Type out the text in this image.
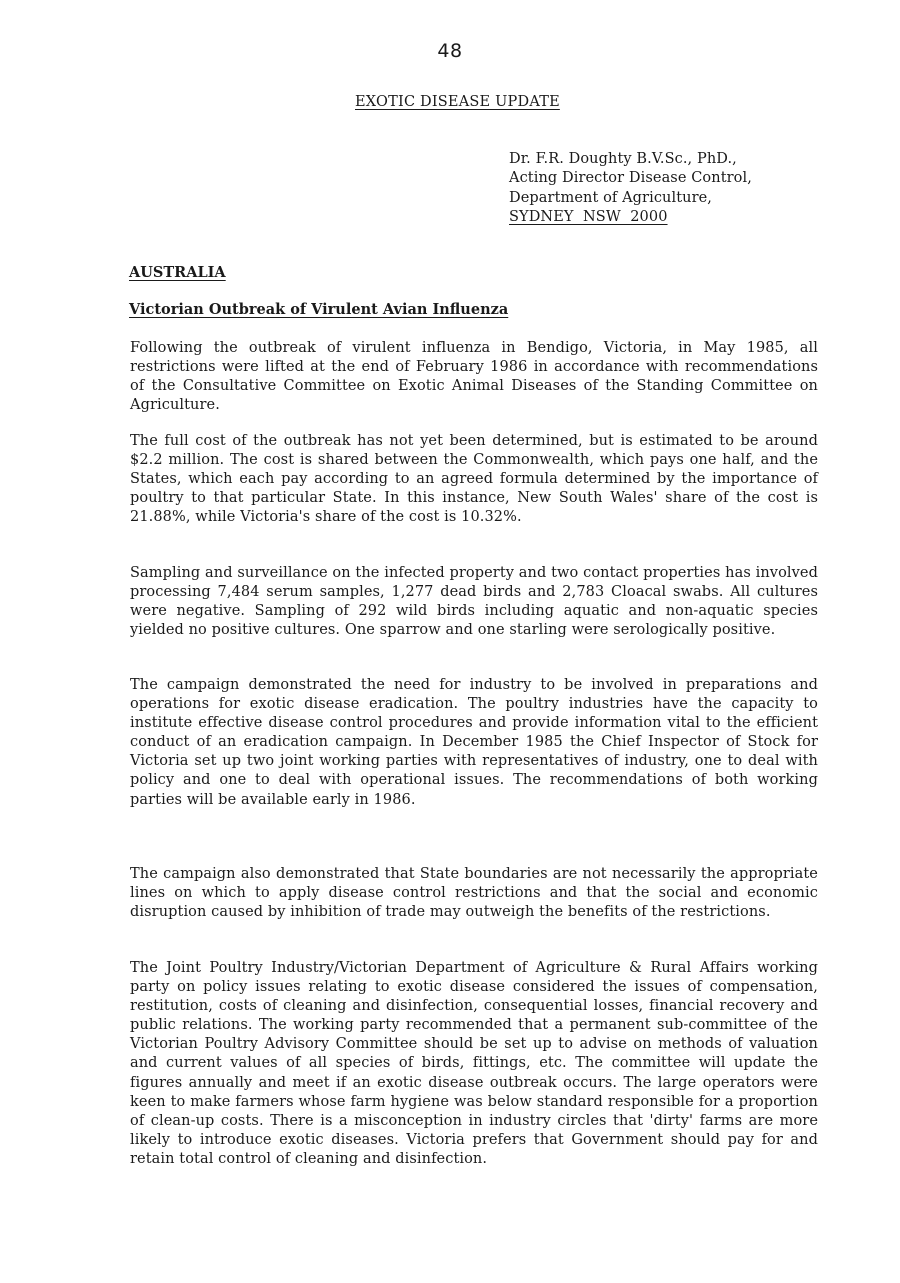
48
EXOTIC DISEASE UPDATE
Dr. F.R. Doughty B.V.Sc., PhD.,
Acting Director Disease Control,
Department of Agriculture,
SYDNEY  NSW  2000
AUSTRALIA
Victorian Outbreak of Virulent Avian Influenza

Following the outbreak of virulent influenza in Bendigo, Victoria, in May 1985, all restrictions were lifted at the end of February 1986 in accordance with recommendations of the Consultative Committee on Exotic Animal Diseases of the Standing Committee on Agriculture.

The full cost of the outbreak has not yet been determined, but is estimated to be around $2.2 million. The cost is shared between the Commonwealth, which pays one half, and the States, which each pay according to an agreed formula determined by the importance of poultry to that particular State. In this instance, New South Wales' share of the cost is 21.88%, while Victoria's share of the cost is 10.32%.

Sampling and surveillance on the infected property and two contact properties has involved processing 7,484 serum samples, 1,277 dead birds and 2,783 Cloacal swabs. All cultures were negative. Sampling of 292 wild birds including aquatic and non-aquatic species yielded no positive cultures. One sparrow and one starling were serologically positive.

The campaign demonstrated the need for industry to be involved in preparations and operations for exotic disease eradication. The poultry industries have the capacity to institute effective disease control procedures and provide information vital to the efficient conduct of an eradication campaign. In December 1985 the Chief Inspector of Stock for Victoria set up two joint working parties with representatives of industry, one to deal with policy and one to deal with operational issues. The recommendations of both working parties will be available early in 1986.

The campaign also demonstrated that State boundaries are not necessarily the appropriate lines on which to apply disease control restrictions and that the social and economic disruption caused by inhibition of trade may outweigh the benefits of the restrictions.

The Joint Poultry Industry/Victorian Department of Agriculture & Rural Affairs working party on policy issues relating to exotic disease considered the issues of compensation, restitution, costs of cleaning and disinfection, consequential losses, financial recovery and public relations. The working party recommended that a permanent sub-committee of the Victorian Poultry Advisory Committee should be set up to advise on methods of valuation and current values of all species of birds, fittings, etc. The committee will update the figures annually and meet if an exotic disease outbreak occurs. The large operators were keen to make farmers whose farm hygiene was below standard responsible for a proportion of clean-up costs. There is a misconception in industry circles that 'dirty' farms are more likely to introduce exotic diseases. Victoria prefers that Government should pay for and retain total control of cleaning and disinfection.
